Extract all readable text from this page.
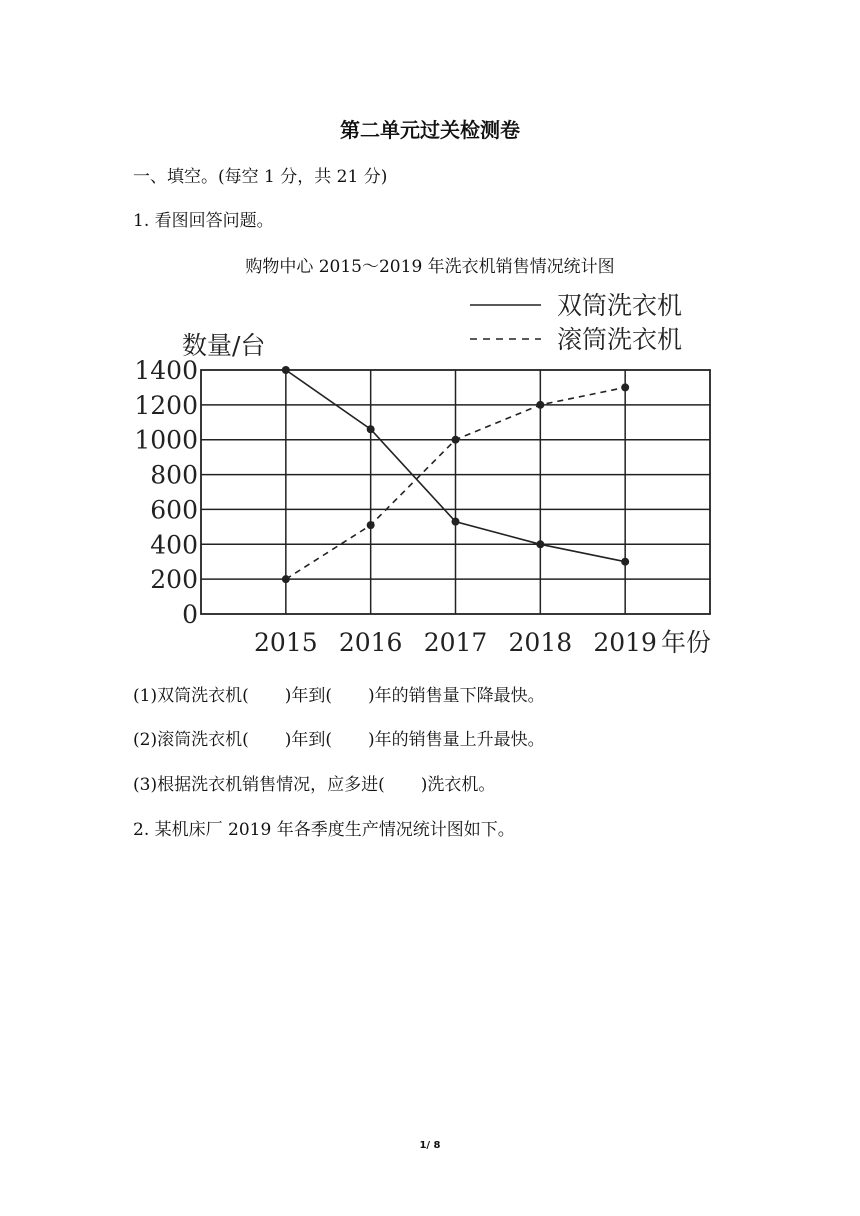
第二单元过关检测卷
一、填空。(每空 1 分，共 21 分)
1. 看图回答问题。
购物中心 2015～2019 年洗衣机销售情况统计图
0
200
400
600
800
1000
1200
1400
2015 2016 2017 2018 2019 年份
数量/台
双筒洗衣机
滚筒洗衣机
(1)双筒洗衣机( )年到( )年的销售量下降最快。
(2)滚筒洗衣机( )年到( )年的销售量上升最快。
(3)根据洗衣机销售情况，应多进( )洗衣机。
2. 某机床厂 2019 年各季度生产情况统计图如下。
1/ 8
